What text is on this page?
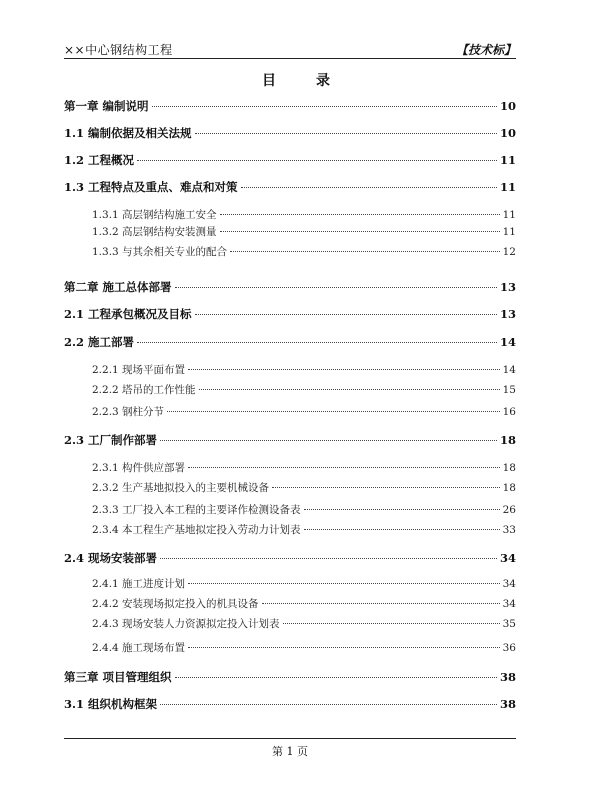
××中心钢结构工程	【技术标】
目	录
第一章 编制说明	10
1.1 编制依据及相关法规	10
1.2 工程概况	11
1.3 工程特点及重点、难点和对策	11
1.3.1 高层钢结构施工安全	11
1.3.2 高层钢结构安装测量	11
1.3.3 与其余相关专业的配合	12
第二章 施工总体部署	13
2.1 工程承包概况及目标	13
2.2 施工部署	14
2.2.1 现场平面布置	14
2.2.2 塔吊的工作性能	15
2.2.3 钢柱分节	16
2.3 工厂制作部署	18
2.3.1 构件供应部署	18
2.3.2 生产基地拟投入的主要机械设备	18
2.3.3 工厂投入本工程的主要译作检测设备表	26
2.3.4 本工程生产基地拟定投入劳动力计划表	33
2.4 现场安装部署	34
2.4.1 施工进度计划	34
2.4.2 安装现场拟定投入的机具设备	34
2.4.3 现场安装人力资源拟定投入计划表	35
2.4.4 施工现场布置	36
第三章 项目管理组织	38
3.1 组织机构框架	38
第 1 页
